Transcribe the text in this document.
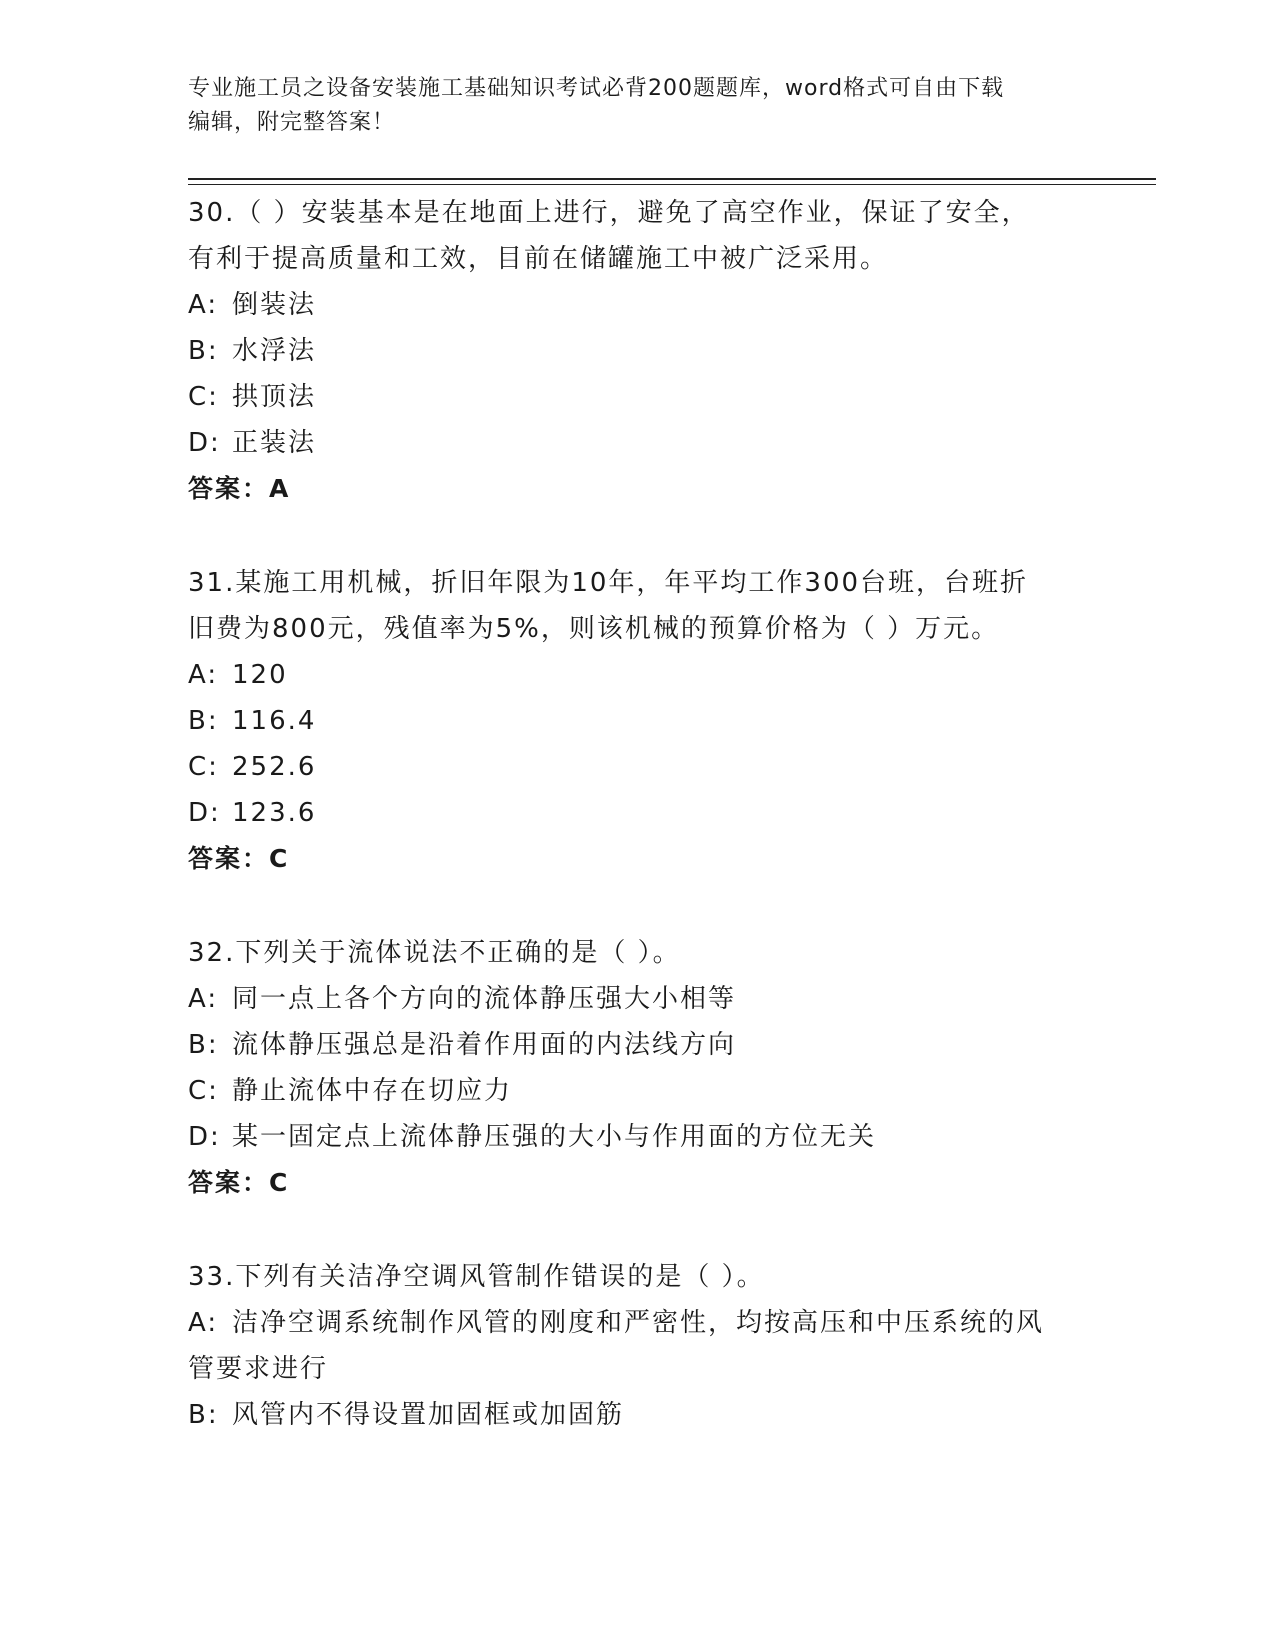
专业施工员之设备安装施工基础知识考试必背200题题库，word格式可自由下载
编辑，附完整答案！
30.（ ）安装基本是在地面上进行，避免了高空作业，保证了安全，
有利于提高质量和工效，目前在储罐施工中被广泛采用。
A: 倒装法
B: 水浮法
C: 拱顶法
D: 正装法
答案：A
31.某施工用机械，折旧年限为10年，年平均工作300台班，台班折
旧费为800元，残值率为5%，则该机械的预算价格为（ ）万元。
A: 120
B: 116.4
C: 252.6
D: 123.6
答案：C
32.下列关于流体说法不正确的是（ ）。
A: 同一点上各个方向的流体静压强大小相等
B: 流体静压强总是沿着作用面的内法线方向
C: 静止流体中存在切应力
D: 某一固定点上流体静压强的大小与作用面的方位无关
答案：C
33.下列有关洁净空调风管制作错误的是（ ）。
A: 洁净空调系统制作风管的刚度和严密性，均按高压和中压系统的风
管要求进行
B: 风管内不得设置加固框或加固筋
